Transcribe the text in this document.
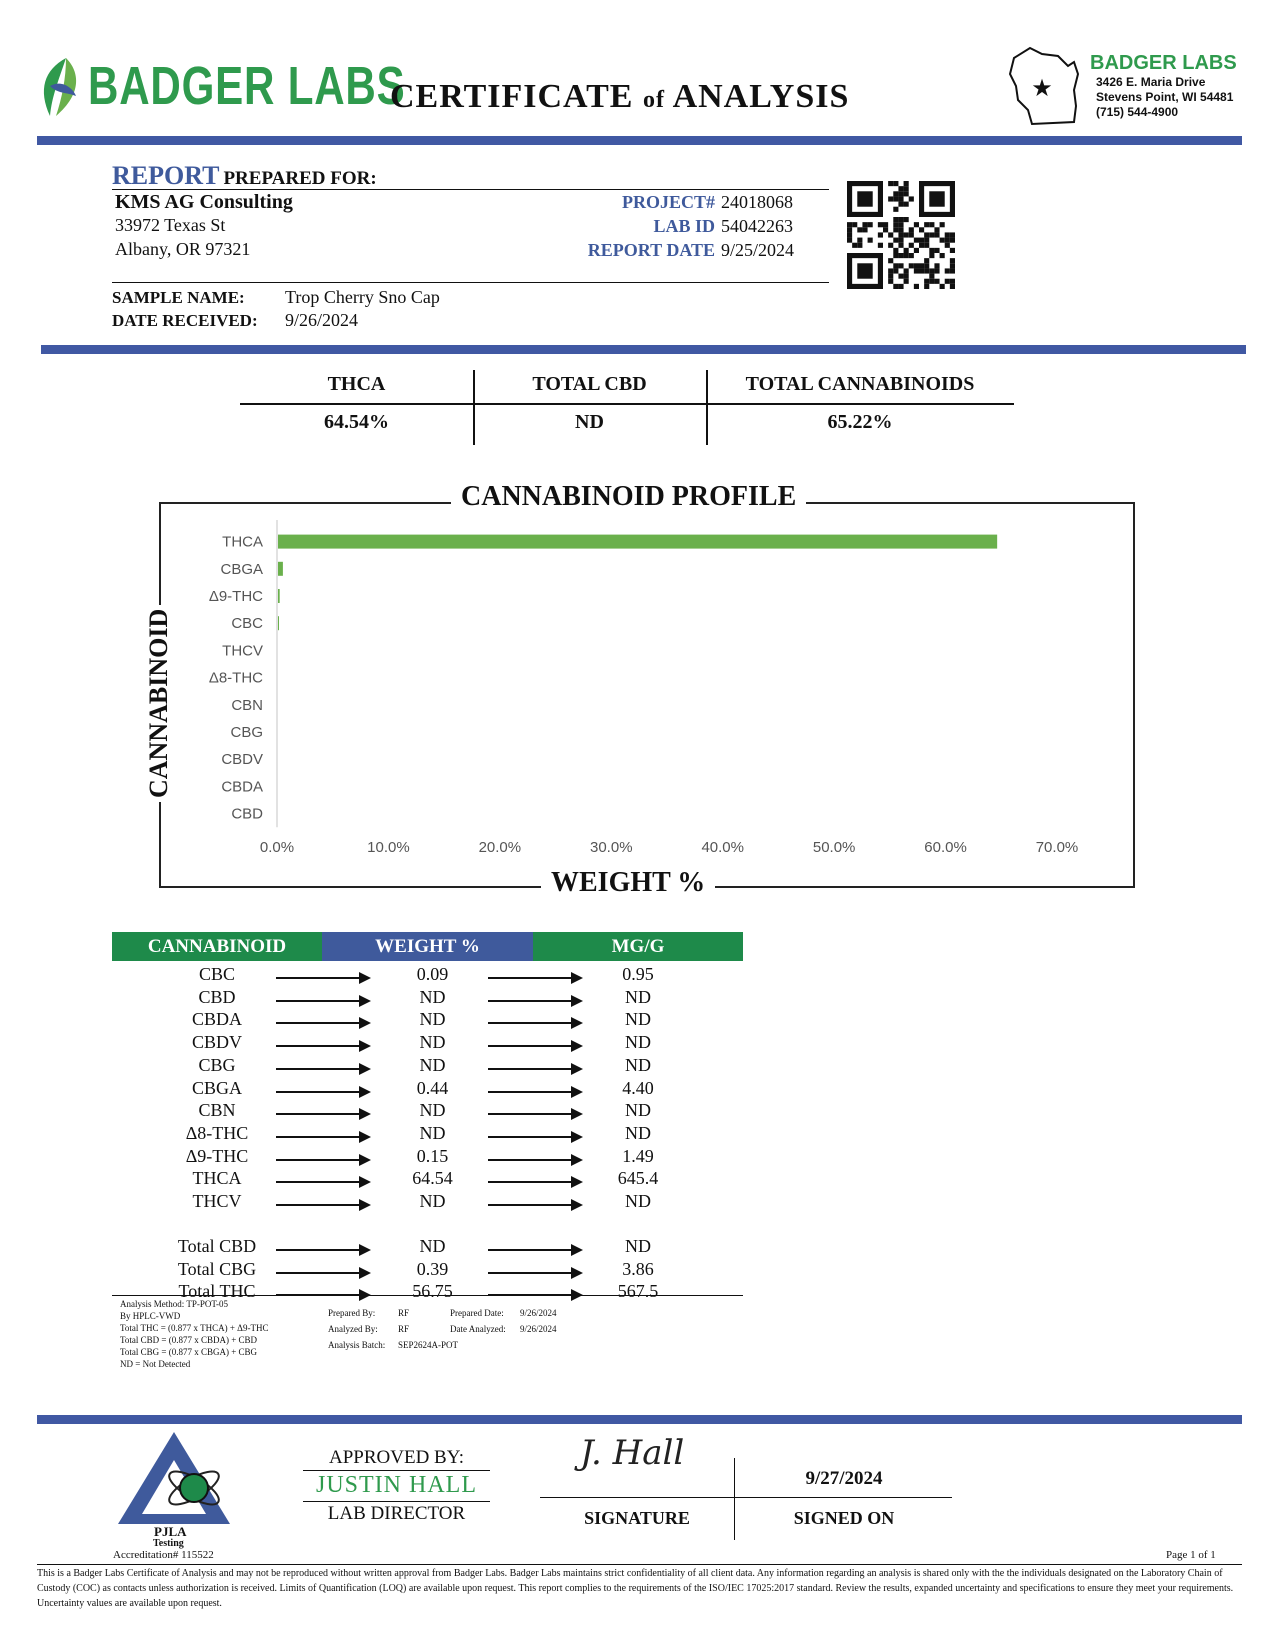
BADGER LABS
CERTIFICATE of ANALYSIS	★
BADGER LABS
3426 E. Maria Drive
Stevens Point, WI 54481
(715) 544-4900
REPORT PREPARED FOR:
KMS AG Consulting
33972 Texas St
Albany, OR 97321
PROJECT# 24018068
LAB ID 54042263
REPORT DATE 9/25/2024
SAMPLE NAME: Trop Cherry Sno Cap
DATE RECEIVED: 9/26/2024
THCA	TOTAL CBD	TOTAL CANNABINOIDS
64.54%	ND	65.22%
CANNABINOID PROFILE
WEIGHT %
CANNABINOID
THCA
CBGA
Δ9-THC
CBC
THCV
Δ8-THC
CBN
CBG
CBDV
CBDA
CBD
0.0%	10.0%	20.0%	30.0%	40.0%	50.0%	60.0%	70.0%
CANNABINOID	WEIGHT %	MG/G
CBC	0.09	0.95
CBD	ND	ND
CBDA	ND	ND
CBDV	ND	ND
CBG	ND	ND
CBGA	0.44	4.40
CBN	ND	ND
Δ8-THC	ND	ND
Δ9-THC	0.15	1.49
THCA	64.54	645.4
THCV	ND	ND
Total CBD	ND	ND
Total CBG	0.39	3.86
Total THC	56.75	567.5
Analysis Method: TP-POT-05
By HPLC-VWD
Total THC = (0.877 x THCA) + Δ9-THC
Total CBD = (0.877 x CBDA) + CBD
Total CBG = (0.877 x CBGA) + CBG
ND = Not Detected
Prepared By:	RF	Prepared Date: 9/26/2024
Analyzed By: RF	Date Analyzed: 9/26/2024
Analysis Batch: SEP2624A-POT
PJLA
Testing
Accreditation# 115522
APPROVED BY:
JUSTIN HALL
LAB DIRECTOR
J. Hall
SIGNATURE
9/27/2024
SIGNED ON
Page 1 of 1
This is a Badger Labs Certificate of Analysis and may not be reproduced without written approval from Badger Labs. Badger Labs maintains strict confidentiality of all client data. Any information regarding an analysis is shared only with the the individuals designated on the Laboratory Chain of Custody (COC) as contacts unless authorization is received. Limits of Quantification (LOQ) are available upon request. This report complies to the requirements of the ISO/IEC 17025:2017 standard. Review the results, expanded uncertainty and specifications to ensure they meet your requirements. Uncertainty values are available upon request.
